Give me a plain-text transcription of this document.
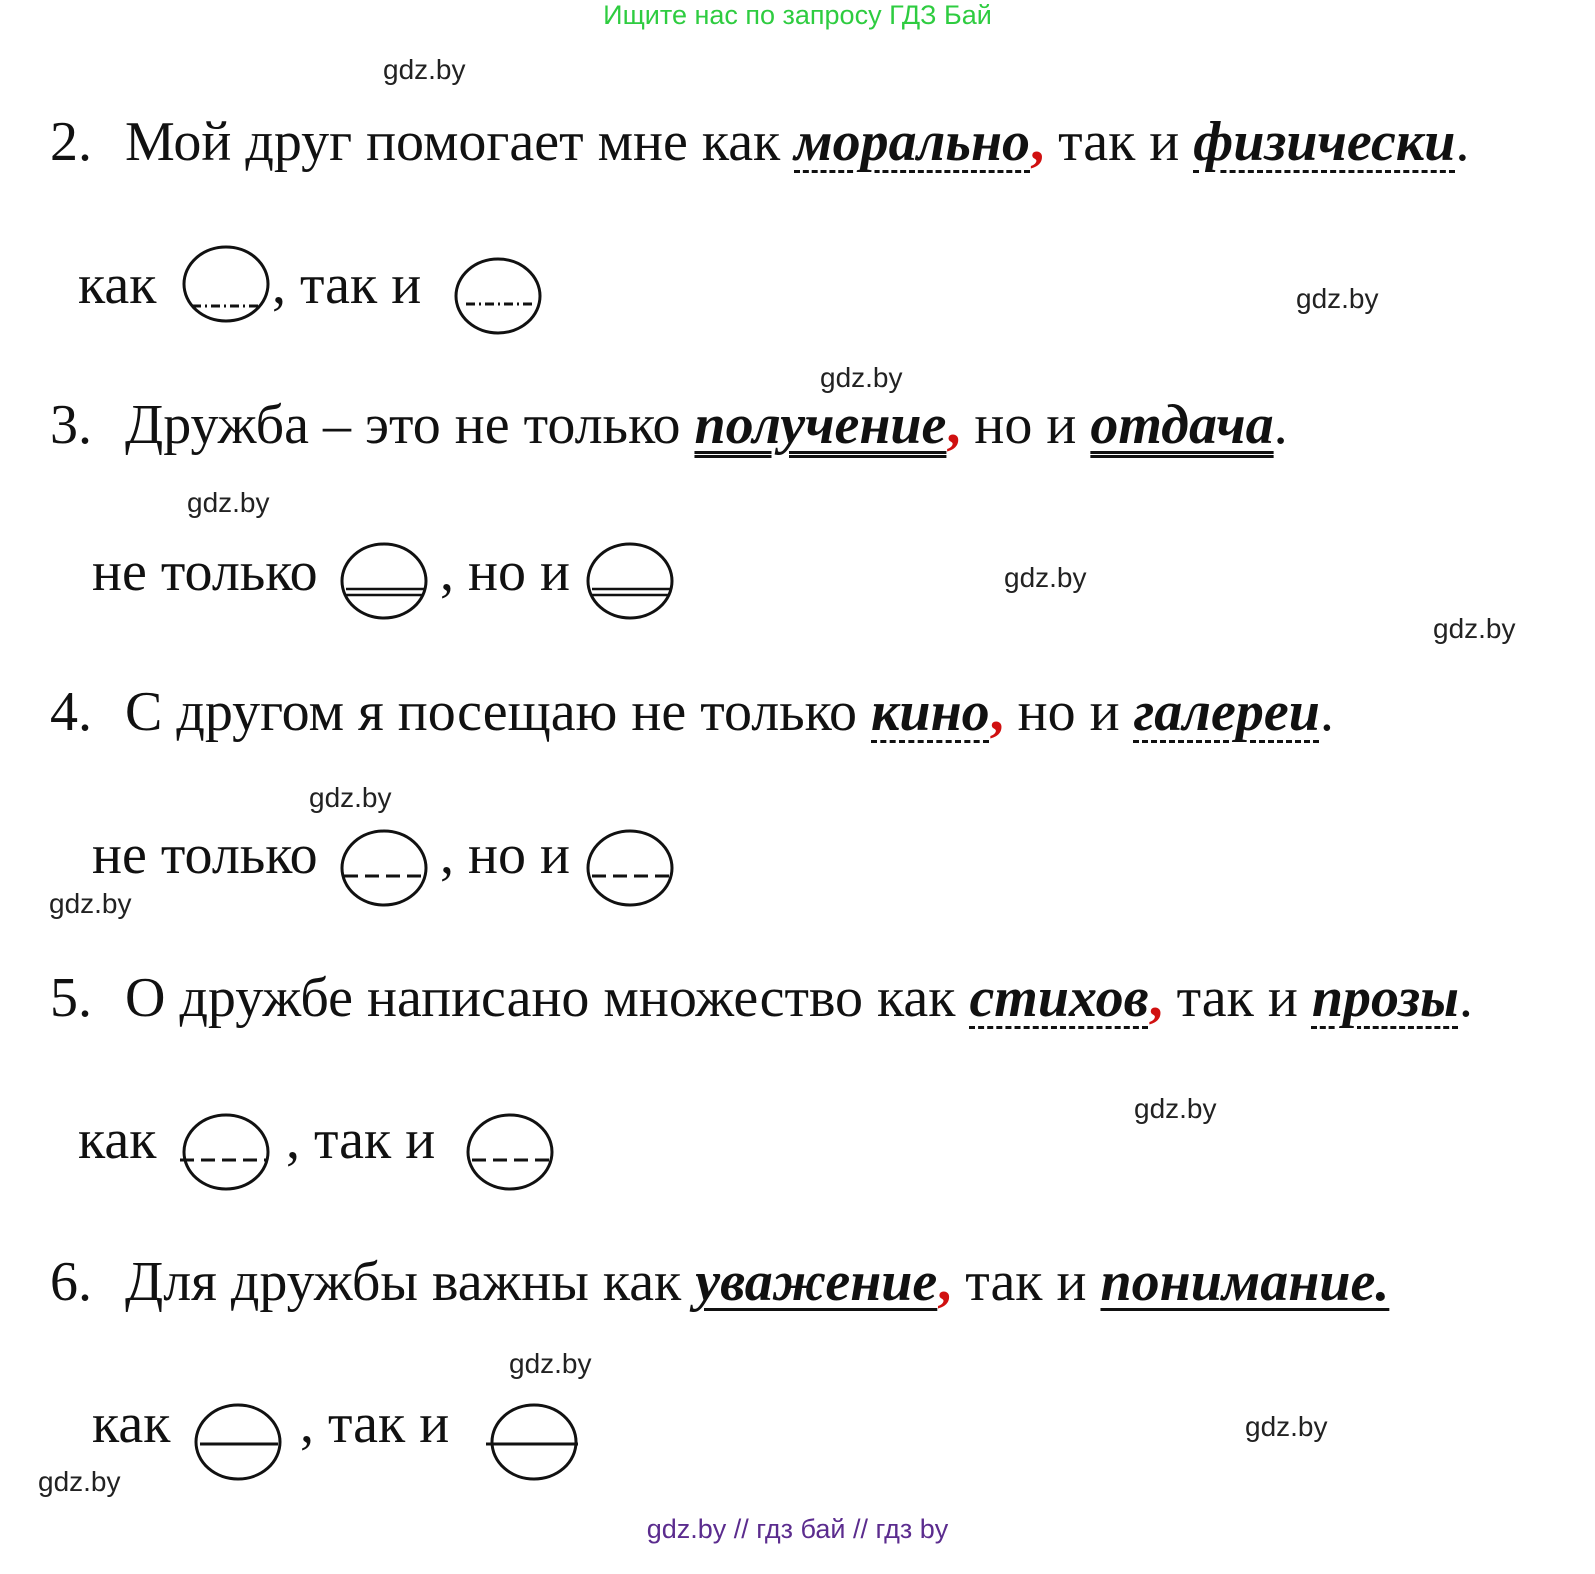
Ищите нас по запросу ГДЗ Бай
gdz.by
gdz.by
gdz.by
gdz.by
gdz.by
gdz.by
gdz.by
gdz.by
gdz.by
gdz.by
gdz.by
gdz.by
2. Мой друг помогает мне как морально, так и физически.
как , так и
3. Дружба – это не только получение, но и отдача.
не только , но и
4. С другом я посещаю не только кино, но и галереи.
не только , но и
5. О дружбе написано множество как стихов, так и прозы.
как , так и
6. Для дружбы важны как уважение, так и понимание.
как , так и
gdz.by // гдз бай // гдз by
